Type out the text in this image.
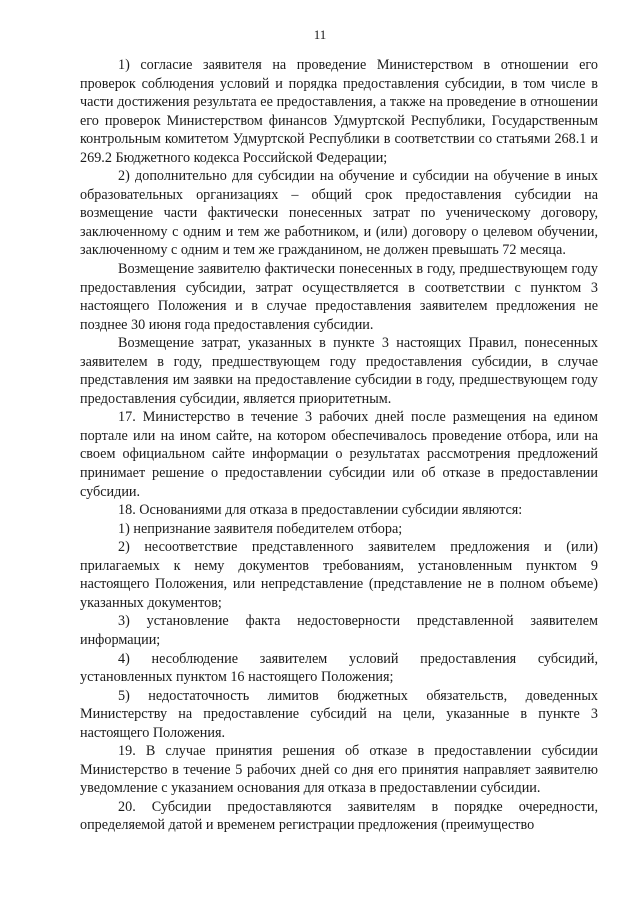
11

1) согласие заявителя на проведение Министерством в отношении его проверок соблюдения условий и порядка предоставления субсидии, в том числе в части достижения результата ее предоставления, а также на проведение в отношении его проверок Министерством финансов Удмуртской Республики, Государственным контрольным комитетом Удмуртской Республики в соответствии со статьями 268.1 и 269.2 Бюджетного кодекса Российской Федерации;

2) дополнительно для субсидии на обучение и субсидии на обучение в иных образовательных организациях – общий срок предоставления субсидии на возмещение части фактически понесенных затрат по ученическому договору, заключенному с одним и тем же работником, и (или) договору о целевом обучении, заключенному с одним и тем же гражданином, не должен превышать 72 месяца.

Возмещение заявителю фактически понесенных в году, предшествующем году предоставления субсидии, затрат осуществляется в соответствии с пунктом 3 настоящего Положения и в случае предоставления заявителем предложения не позднее 30 июня года предоставления субсидии.

Возмещение затрат, указанных в пункте 3 настоящих Правил, понесенных заявителем в году, предшествующем году предоставления субсидии, в случае представления им заявки на предоставление субсидии в году, предшествующем году предоставления субсидии, является приоритетным.

17. Министерство в течение 3 рабочих дней после размещения на едином портале или на ином сайте, на котором обеспечивалось проведение отбора, или на своем официальном сайте информации о результатах рассмотрения предложений принимает решение о предоставлении субсидии или об отказе в предоставлении субсидии.

18. Основаниями для отказа в предоставлении субсидии являются:

1) непризнание заявителя победителем отбора;

2) несоответствие представленного заявителем предложения и (или) прилагаемых к нему документов требованиям, установленным пунктом 9 настоящего Положения, или непредставление (представление не в полном объеме) указанных документов;

3) установление факта недостоверности представленной заявителем информации;

4) несоблюдение заявителем условий предоставления субсидий, установленных пунктом 16 настоящего Положения;

5) недостаточность лимитов бюджетных обязательств, доведенных Министерству на предоставление субсидий на цели, указанные в пункте 3 настоящего Положения.

19. В случае принятия решения об отказе в предоставлении субсидии Министерство в течение 5 рабочих дней со дня его принятия направляет заявителю уведомление с указанием основания для отказа в предоставлении субсидии.

20. Субсидии предоставляются заявителям в порядке очередности, определяемой датой и временем регистрации предложения (преимущество
